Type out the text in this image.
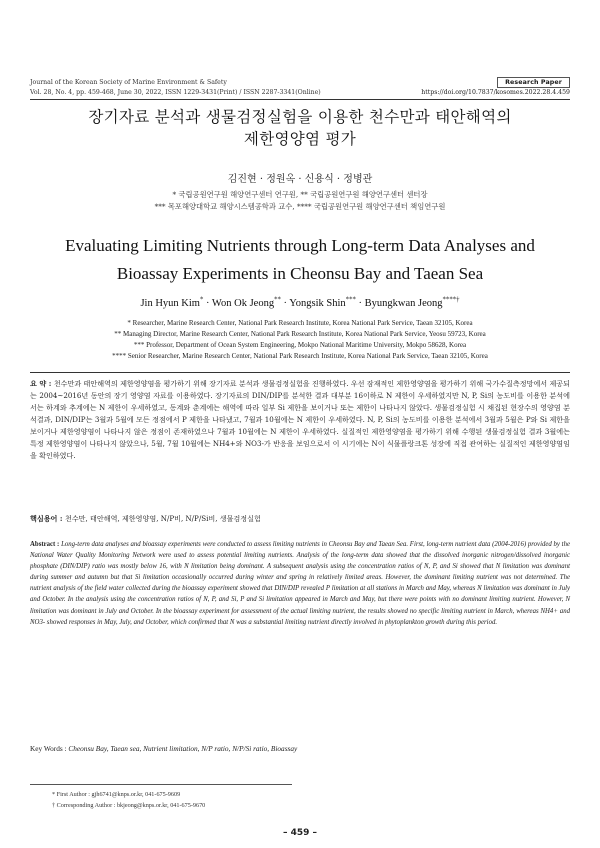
Journal of the Korean Society of Marine Environment & Safety	Research Paper
Vol. 28, No. 4, pp. 459-468, June 30, 2022, ISSN 1229-3431(Print) / ISSN 2287-3341(Online)	https://doi.org/10.7837/kosomes.2022.28.4.459
장기자료 분석과 생물검정실험을 이용한 천수만과 태안해역의
제한영양염 평가
김진현 · 정원옥 · 신용식 · 정병관
* 국립공원연구원 해양연구센터 연구원, ** 국립공원연구원 해양연구센터 센터장
*** 목포해양대학교 해양시스템공학과 교수, **** 국립공원연구원 해양연구센터 책임연구원
Evaluating Limiting Nutrients through Long-term Data Analyses and
Bioassay Experiments in Cheonsu Bay and Taean Sea
Jin Hyun Kim* · Won Ok Jeong** · Yongsik Shin*** · Byungkwan Jeong****†
* Researcher, Marine Research Center, National Park Research Institute, Korea National Park Service, Taean 32105, Korea
** Managing Director, Marine Research Center, National Park Research Institute, Korea National Park Service, Yeosu 59723, Korea
*** Professor, Department of Ocean System Engineering, Mokpo National Maritime University, Mokpo 58628, Korea
**** Senior Researcher, Marine Research Center, National Park Research Institute, Korea National Park Service, Taean 32105, Korea
요 약 : 천수만과 태안해역의 제한영양염을 평가하기 위해 장기자료 분석과 생물검정실험을 진행하였다. 우선 잠재적인 제한영양염을 평가하기 위해 국가수질측정망에서 제공되는 2004~2016년 동안의 장기 영양염 자료를 이용하였다. 장기자료의 DIN/DIP를 분석한 결과 대부분 16이하로 N 제한이 우세하였지만 N, P, Si의 농도비를 이용한 분석에서는 하계와 추계에는 N 제한이 우세하였고, 동계와 춘계에는 해역에 따라 일부 Si 제한을 보이거나 또는 제한이 나타나지 않았다. 생물검정실험 시 채집된 현장수의 영양염 분석결과, DIN/DIP는 3월과 5월에 모든 정점에서 P 제한을 나타냈고, 7월과 10월에는 N 제한이 우세하였다. N, P, Si의 농도비를 이용한 분석에서 3월과 5월은 P와 Si 제한을 보이거나 제한영양염이 나타나지 않은 정점이 존재하였으나 7월과 10월에는 N 제한이 우세하였다. 실질적인 제한영양염을 평가하기 위해 수행된 생물검정실험 결과 3월에는 특정 제한영양염이 나타나지 않았으나, 5월, 7월 10월에는 NH4+와 NO3-가 반응을 보임으로서 이 시기에는 N이 식물플랑크톤 성장에 직접 관여하는 실질적인 제한영양염임을 확인하였다.
핵심용어 : 천수만, 태안해역, 제한영양염, N/P비, N/P/Si비, 생물검정실험
Abstract : Long-term data analyses and bioassay experiments were conducted to assess limiting nutrients in Cheonsu Bay and Taean Sea. First, long-term nutrient data (2004-2016) provided by the National Water Quality Monitoring Network were used to assess potential limiting nutrients. Analysis of the long-term data showed that the dissolved inorganic nitrogen/dissolved inorganic phosphate (DIN/DIP) ratio was mostly below 16, with N limitation being dominant. A subsequent analysis using the concentration ratios of N, P, and Si showed that N limitation was dominant during summer and autumn but that Si limitation occasionally occurred during winter and spring in relatively limited areas. However, the dominant limiting nutrient was not determined. The nutrient analysis of the field water collected during the bioassay experiment showed that DIN/DIP revealed P limitation at all stations in March and May, whereas N limitation was dominant in July and October. In the analysis using the concentration ratios of N, P, and Si, P and Si limitation appeared in March and May, but there were points with no dominant limiting nutrient. However, N limitation was dominant in July and October. In the bioassay experiment for assessment of the actual limiting nutrient, the results showed no specific limiting nutrient in March, whereas NH4+ and NO3- showed responses in May, July, and October, which confirmed that N was a substantial limiting nutrient directly involved in phytoplankton growth during this period.
Key Words : Cheonsu Bay, Taean sea, Nutrient limitation, N/P ratio, N/P/Si ratio, Bioassay
* First Author : gjh6741@knps.or.kr, 041-675-9609
† Corresponding Author : bkjeong@knps.or.kr, 041-675-9670
– 459 –
